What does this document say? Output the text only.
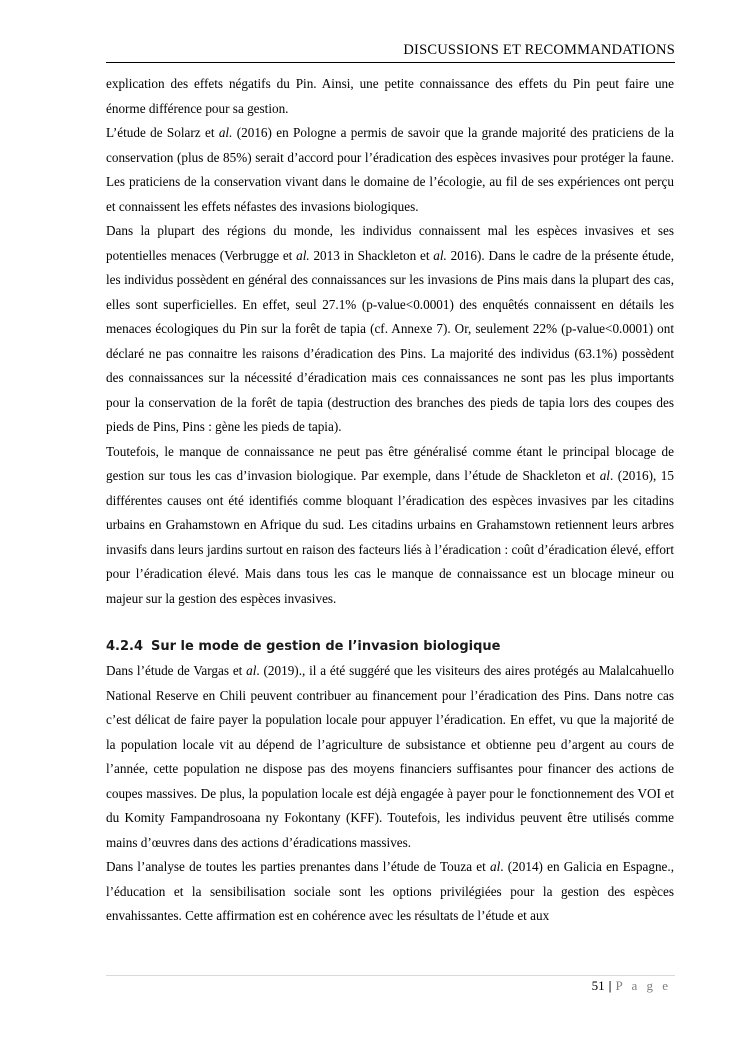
DISCUSSIONS ET RECOMMANDATIONS

explication des effets négatifs du Pin. Ainsi, une petite connaissance des effets du Pin peut faire une énorme différence pour sa gestion.

L’étude de Solarz et al. (2016) en Pologne a permis de savoir que la grande majorité des praticiens de la conservation (plus de 85%) serait d’accord pour l’éradication des espèces invasives pour protéger la faune. Les praticiens de la conservation vivant dans le domaine de l’écologie, au fil de ses expériences ont perçu et connaissent les effets néfastes des invasions biologiques.

Dans la plupart des régions du monde, les individus connaissent mal les espèces invasives et ses potentielles menaces (Verbrugge et al. 2013 in Shackleton et al. 2016). Dans le cadre de la présente étude, les individus possèdent en général des connaissances sur les invasions de Pins mais dans la plupart des cas, elles sont superficielles. En effet, seul 27.1% (p-value<0.0001) des enquêtés connaissent en détails les menaces écologiques du Pin sur la forêt de tapia (cf. Annexe 7). Or, seulement 22% (p-value<0.0001) ont déclaré ne pas connaitre les raisons d’éradication des Pins. La majorité des individus (63.1%) possèdent des connaissances sur la nécessité d’éradication mais ces connaissances ne sont pas les plus importants pour la conservation de la forêt de tapia (destruction des branches des pieds de tapia lors des coupes des pieds de Pins, Pins : gène les pieds de tapia).

Toutefois, le manque de connaissance ne peut pas être généralisé comme étant le principal blocage de gestion sur tous les cas d’invasion biologique. Par exemple, dans l’étude de Shackleton et al. (2016), 15 différentes causes ont été identifiés comme bloquant l’éradication des espèces invasives par les citadins urbains en Grahamstown en Afrique du sud. Les citadins urbains en Grahamstown retiennent leurs arbres invasifs dans leurs jardins surtout en raison des facteurs liés à l’éradication : coût d’éradication élevé, effort pour l’éradication élevé. Mais dans tous les cas le manque de connaissance est un blocage mineur ou majeur sur la gestion des espèces invasives.

4.2.4 Sur le mode de gestion de l’invasion biologique

Dans l’étude de Vargas et al. (2019)., il a été suggéré que les visiteurs des aires protégés au Malalcahuello National Reserve en Chili peuvent contribuer au financement pour l’éradication des Pins. Dans notre cas c’est délicat de faire payer la population locale pour appuyer l’éradication. En effet, vu que la majorité de la population locale vit au dépend de l’agriculture de subsistance et obtienne peu d’argent au cours de l’année, cette population ne dispose pas des moyens financiers suffisantes pour financer des actions de coupes massives. De plus, la population locale est déjà engagée à payer pour le fonctionnement des VOI et du Komity Fampandrosoana ny Fokontany (KFF). Toutefois, les individus peuvent être utilisés comme mains d’œuvres dans des actions d’éradications massives.

Dans l’analyse de toutes les parties prenantes dans l’étude de Touza et al. (2014) en Galicia en Espagne., l’éducation et la sensibilisation sociale sont les options privilégiées pour la gestion des espèces envahissantes. Cette affirmation est en cohérence avec les résultats de l’étude et aux

51 | P a g e
